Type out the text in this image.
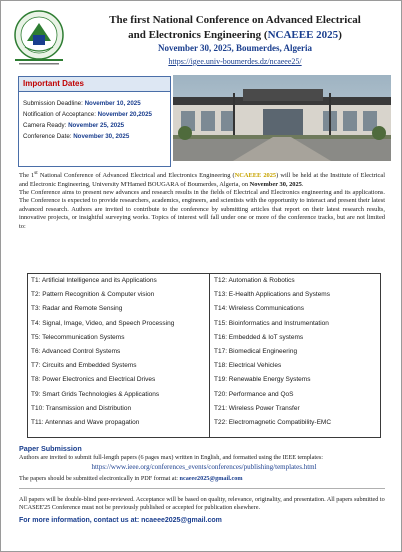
The first National Conference on Advanced Electrical
and Electronics Engineering (NCAEEE 2025)
November 30, 2025, Boumerdes, Algeria
https://igee.univ-boumerdes.dz/ncaeee25/
Important Dates
Submission Deadline: November 10, 2025
Notification of Acceptance: November 20,2025
Camera Ready: November 25, 2025
Conference Date: November 30, 2025

The 1st National Conference of Advanced Electrical and Electronics Engineering (NCAEEE 2025) will be held at the Institute of Electrical and Electronic Engineering, University M'Hamed BOUGARA of Boumerdes, Algeria, on November 30, 2025.

The Conference aims to present new advances and research results in the fields of Electrical and Electronics engineering and its applications. The Conference is expected to provide researchers, academics, engineers, and scientists with the opportunity to interact and present their latest advanced research. Authors are invited to contribute to the conference by submitting articles that report on their latest research results, innovative projects, or insightful surveying works. Topics of interest will fall under one or more of the conference tracks, but are not limited to:

T1: Artificial Intelligence and its Applications
T2: Pattern Recognition & Computer vision
T3: Radar and Remote Sensing
T4: Signal, Image, Video, and Speech Processing
T5: Telecommunication Systems
T6: Advanced Control Systems
T7: Circuits and Embedded Systems
T8: Power Electronics and Electrical Drives
T9: Smart Grids Technologies & Applications
T10: Transmission and Distribution
T11: Antennas and Wave propagation
T12: Automation & Robotics
T13: E-Health Applications and Systems
T14: Wireless Communications
T15: Bioinformatics and Instrumentation
T16: Embedded & IoT systems
T17: Biomedical Engineering
T18: Electrical Vehicles
T19: Renewable Energy Systems
T20: Performance and QoS
T21: Wireless Power Transfer
T22: Electromagnetic Compatibility-EMC
Paper Submission
Authors are invited to submit full-length papers (6 pages max) written in English, and formatted using the IEEE templates:
https://www.ieee.org/conferences_events/conferences/publishing/templates.html
The papers should be submitted electronically in PDF format at: ncaeee2025@gmail.com
All papers will be double-blind peer-reviewed. Acceptance will be based on quality, relevance, originality, and presentation. All papers submitted to NCASEE'25 Conference must not be previously published or accepted for publication elsewhere.
For more information, contact us at: ncaeee2025@gmail.com
